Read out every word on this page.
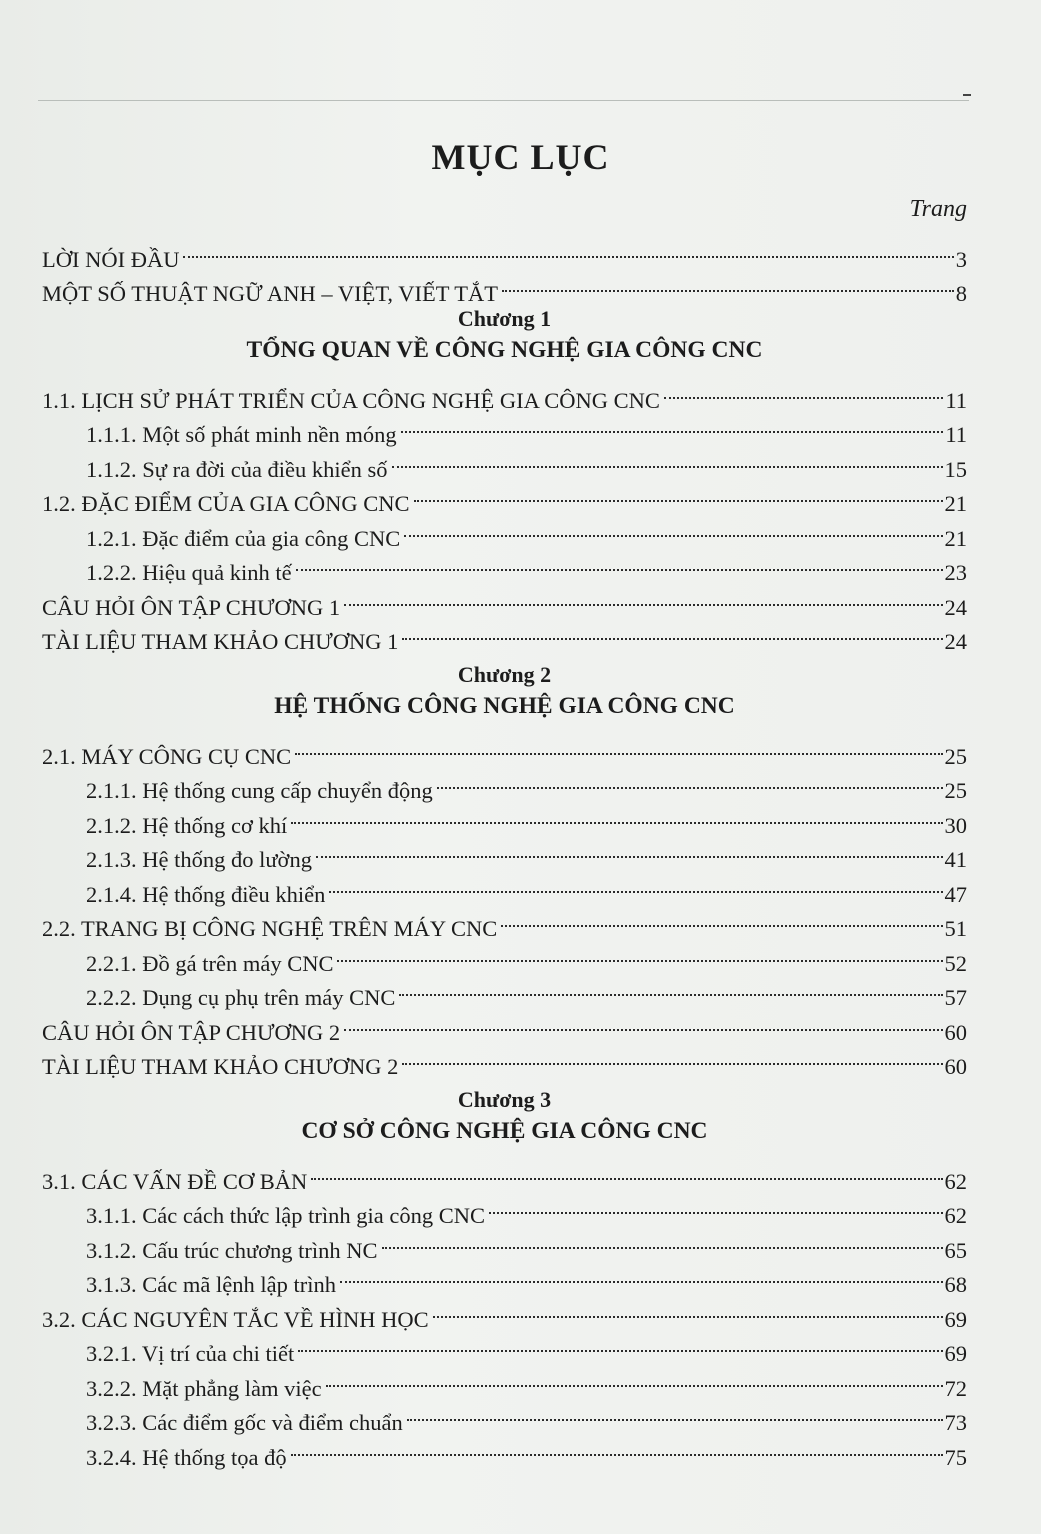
MỤC LỤC
Trang
LỜI NÓI ĐẦU	3
MỘT SỐ THUẬT NGỮ ANH – VIỆT, VIẾT TẮT	8
Chương 1
TỔNG QUAN VỀ CÔNG NGHỆ GIA CÔNG CNC
1.1. LỊCH SỬ PHÁT TRIỂN CỦA CÔNG NGHỆ GIA CÔNG CNC	11
1.1.1. Một số phát minh nền móng	11
1.1.2. Sự ra đời của điều khiển số	15
1.2. ĐẶC ĐIỂM CỦA GIA CÔNG CNC	21
1.2.1. Đặc điểm của gia công CNC	21
1.2.2. Hiệu quả kinh tế	23
CÂU HỎI ÔN TẬP CHƯƠNG 1	24
TÀI LIỆU THAM KHẢO CHƯƠNG 1	24
Chương 2
HỆ THỐNG CÔNG NGHỆ GIA CÔNG CNC
2.1. MÁY CÔNG CỤ CNC	25
2.1.1. Hệ thống cung cấp chuyển động	25
2.1.2. Hệ thống cơ khí	30
2.1.3. Hệ thống đo lường	41
2.1.4. Hệ thống điều khiển	47
2.2. TRANG BỊ CÔNG NGHỆ TRÊN MÁY CNC	51
2.2.1. Đồ gá trên máy CNC	52
2.2.2. Dụng cụ phụ trên máy CNC	57
CÂU HỎI ÔN TẬP CHƯƠNG 2	60
TÀI LIỆU THAM KHẢO CHƯƠNG 2	60
Chương 3
CƠ SỞ CÔNG NGHỆ GIA CÔNG CNC
3.1. CÁC VẤN ĐỀ CƠ BẢN	62
3.1.1. Các cách thức lập trình gia công CNC	62
3.1.2. Cấu trúc chương trình NC	65
3.1.3. Các mã lệnh lập trình	68
3.2. CÁC NGUYÊN TẮC VỀ HÌNH HỌC	69
3.2.1. Vị trí của chi tiết	69
3.2.2. Mặt phẳng làm việc	72
3.2.3. Các điểm gốc và điểm chuẩn	73
3.2.4. Hệ thống tọa độ	75
